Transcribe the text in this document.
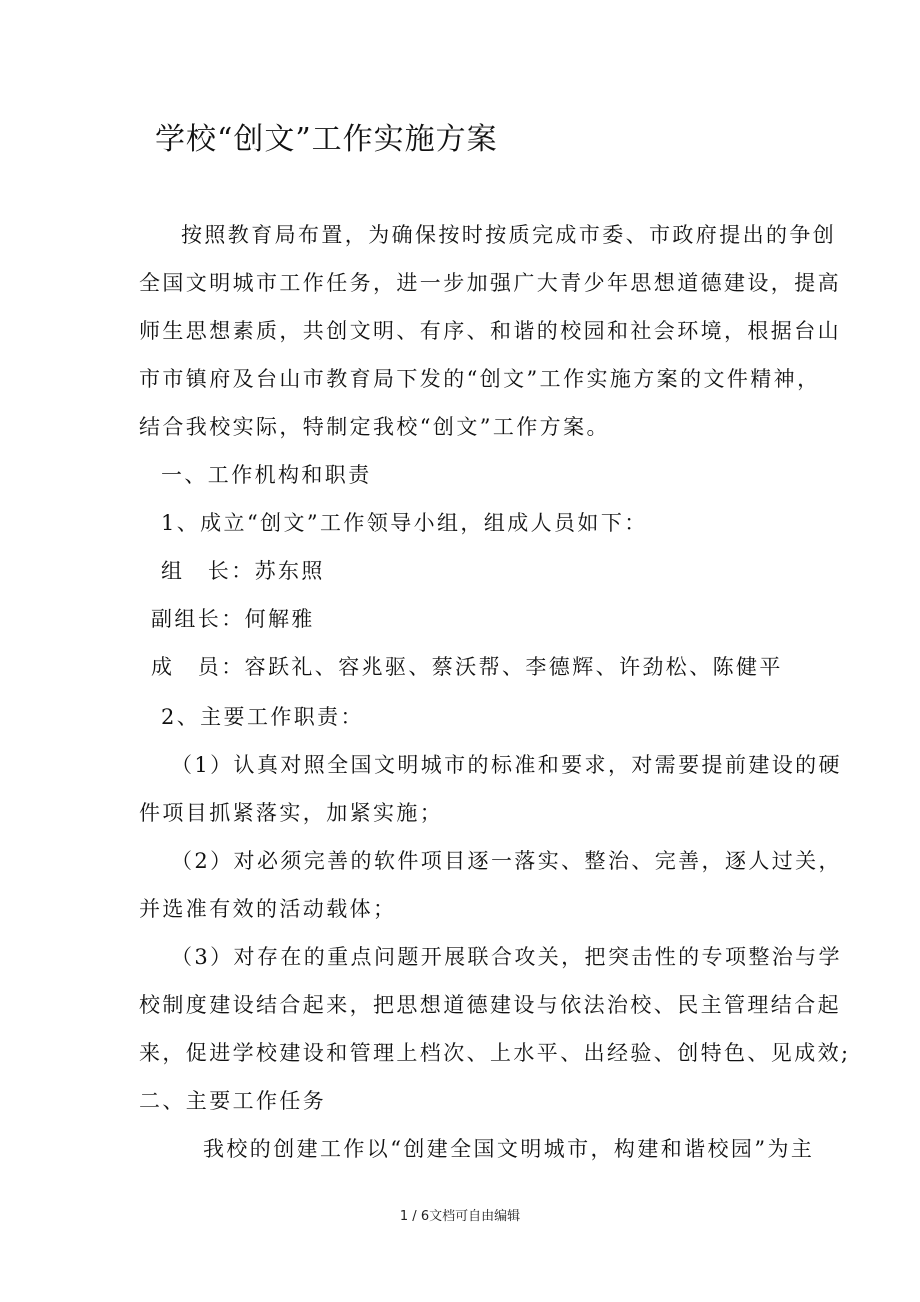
学校“创文”工作实施方案
按照教育局布置，为确保按时按质完成市委、市政府提出的争创
全国文明城市工作任务，进一步加强广大青少年思想道德建设，提高
师生思想素质，共创文明、有序、和谐的校园和社会环境，根据台山
市市镇府及台山市教育局下发的“创文”工作实施方案的文件精神，
结合我校实际，特制定我校“创文”工作方案。
一、工作机构和职责
1、成立“创文”工作领导小组，组成人员如下：
组　长：苏东照
副组长：何解雅
成　员：容跃礼、容兆驱、蔡沃帮、李德辉、许劲松、陈健平
2、主要工作职责：
（1）认真对照全国文明城市的标准和要求，对需要提前建设的硬
件项目抓紧落实，加紧实施；
（2）对必须完善的软件项目逐一落实、整治、完善，逐人过关，
并选准有效的活动载体；
（3）对存在的重点问题开展联合攻关，把突击性的专项整治与学
校制度建设结合起来，把思想道德建设与依法治校、民主管理结合起
来，促进学校建设和管理上档次、上水平、出经验、创特色、见成效;
二、主要工作任务
我校的创建工作以“创建全国文明城市，构建和谐校园”为主
1 / 6文档可自由编辑
